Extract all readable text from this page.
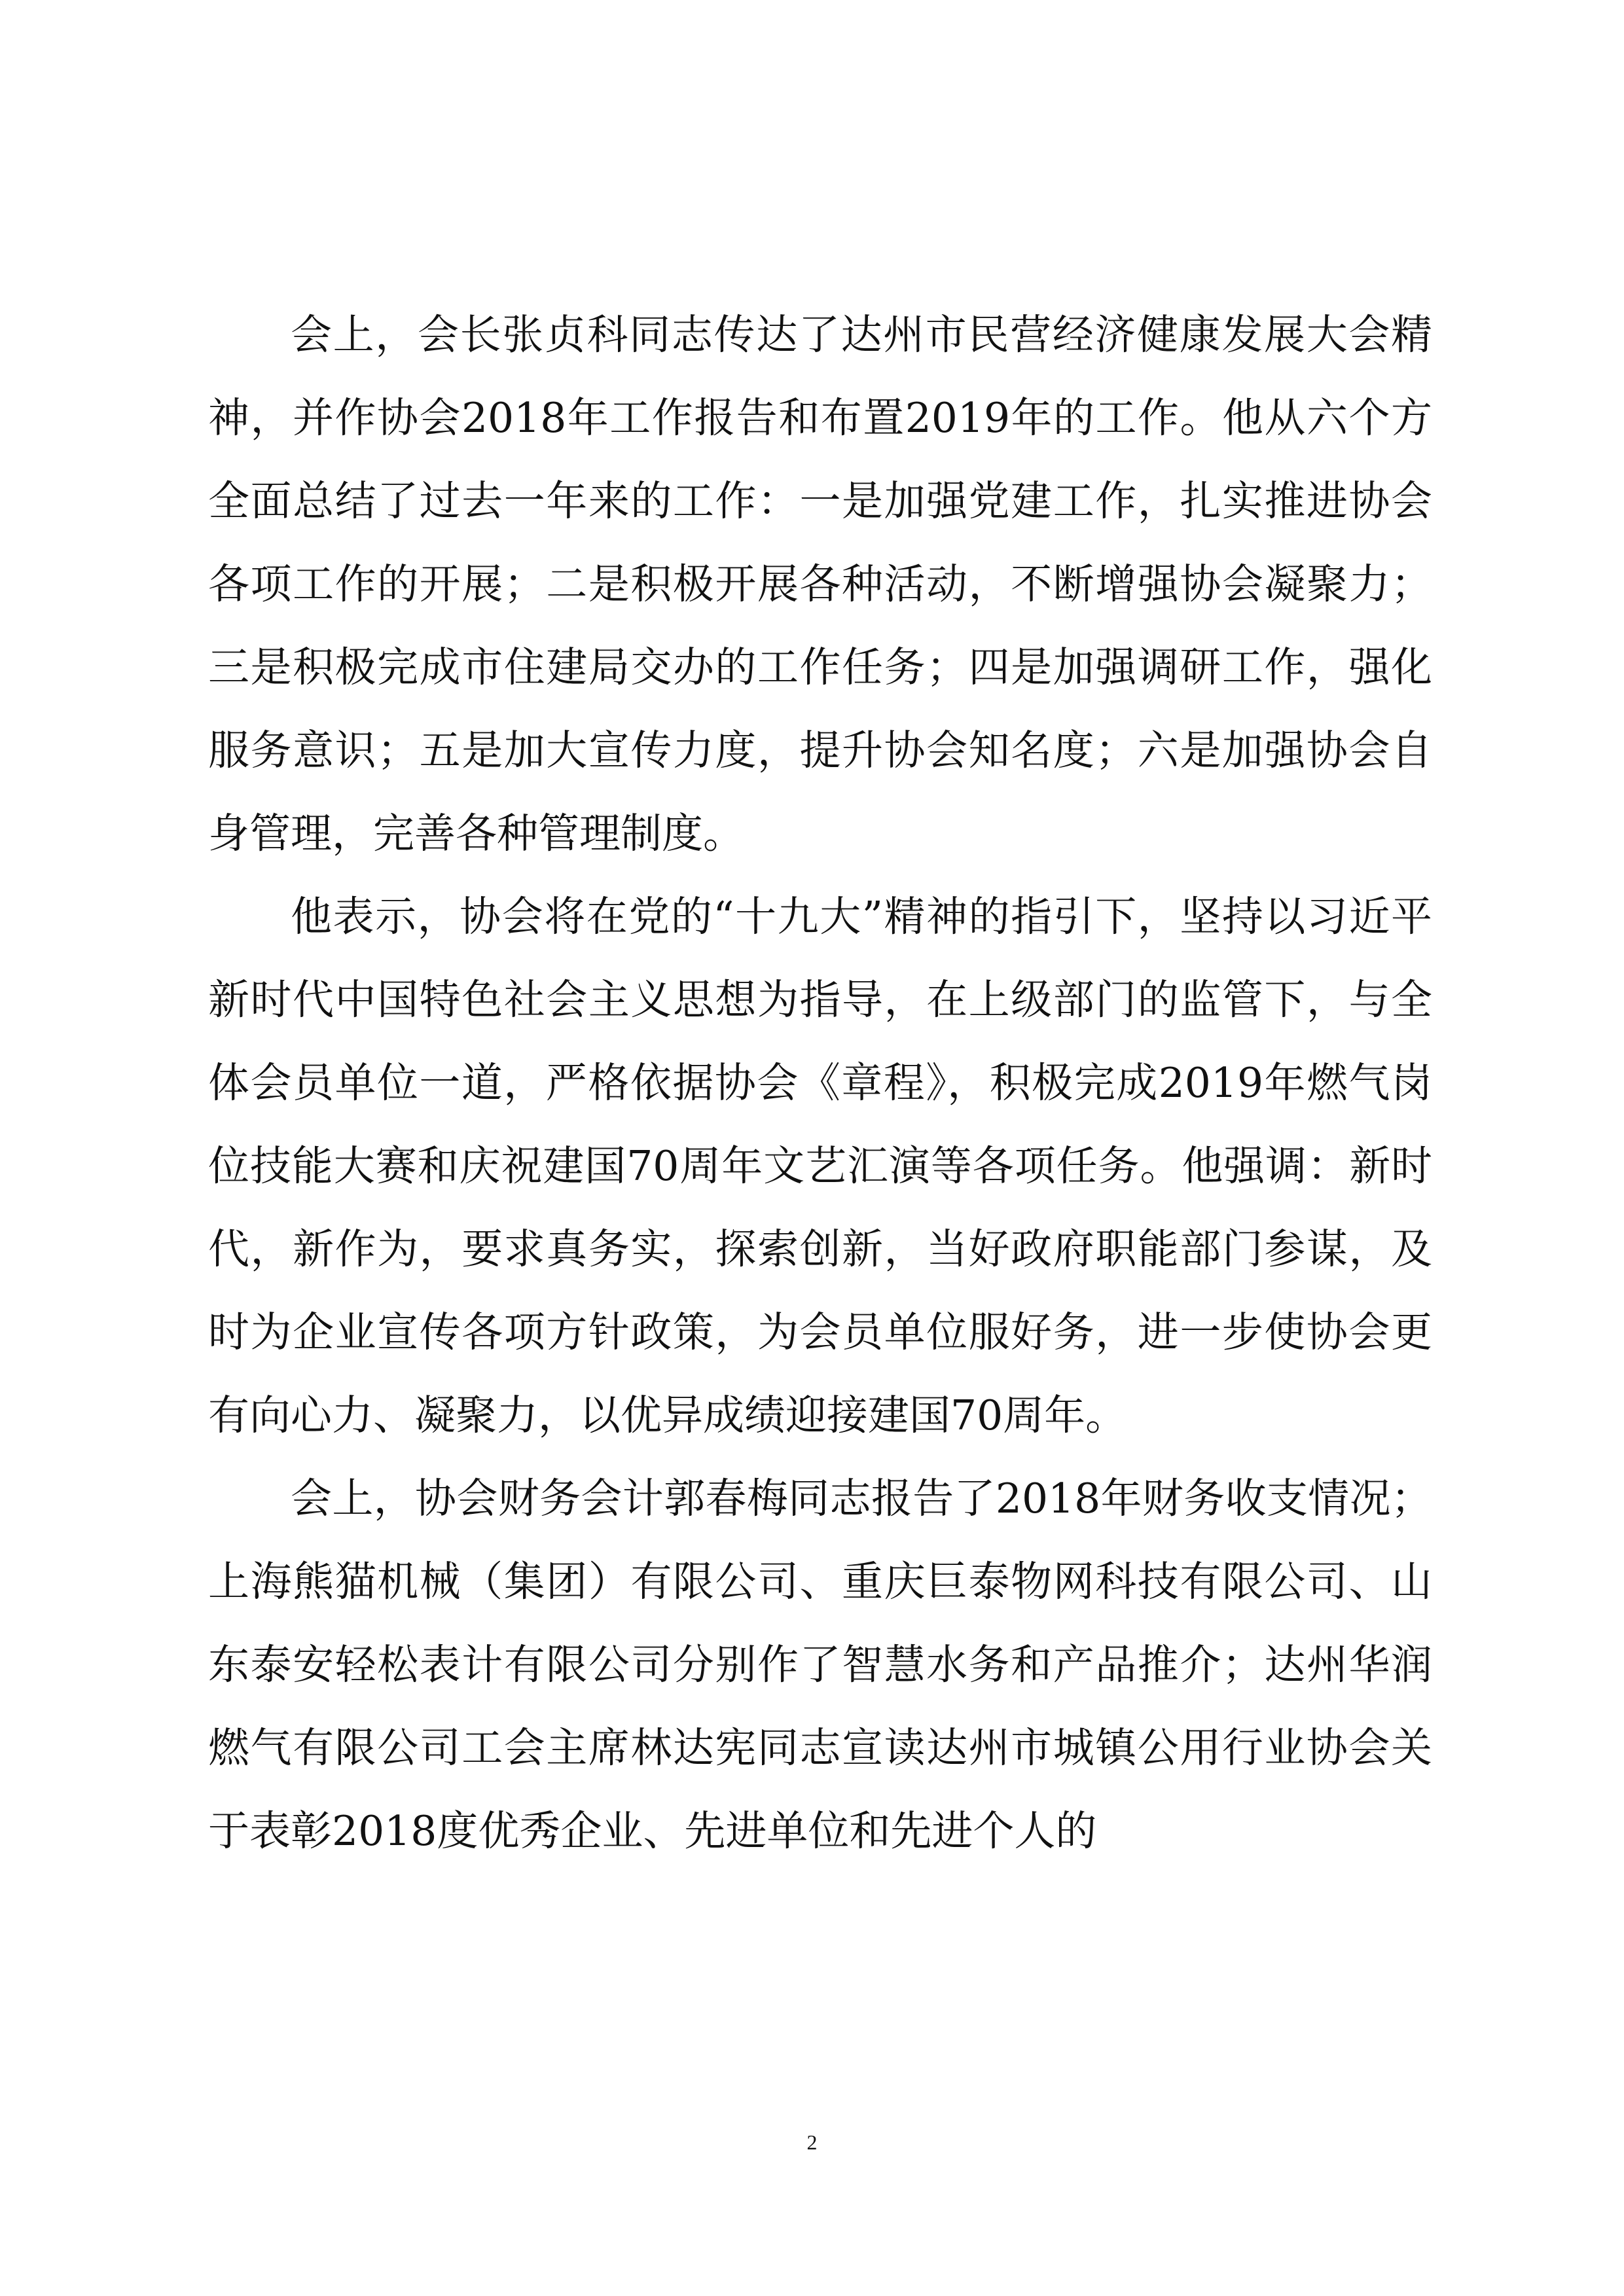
会上，会长张贞科同志传达了达州市民营经济健康发展大会精神，并作协会2018年工作报告和布置2019年的工作。他从六个方全面总结了过去一年来的工作：一是加强党建工作，扎实推进协会各项工作的开展；二是积极开展各种活动，不断增强协会凝聚力；三是积极完成市住建局交办的工作任务；四是加强调研工作，强化服务意识；五是加大宣传力度，提升协会知名度；六是加强协会自身管理，完善各种管理制度。

他表示，协会将在党的“十九大”精神的指引下，坚持以习近平新时代中国特色社会主义思想为指导，在上级部门的监管下，与全体会员单位一道，严格依据协会《章程》，积极完成2019年燃气岗位技能大赛和庆祝建国70周年文艺汇演等各项任务。他强调：新时代，新作为，要求真务实，探索创新，当好政府职能部门参谋，及时为企业宣传各项方针政策，为会员单位服好务，进一步使协会更有向心力、凝聚力，以优异成绩迎接建国70周年。

会上，协会财务会计郭春梅同志报告了2018年财务收支情况；上海熊猫机械（集团）有限公司、重庆巨泰物网科技有限公司、山东泰安轻松表计有限公司分别作了智慧水务和产品推介；达州华润燃气有限公司工会主席林达宪同志宣读达州市城镇公用行业协会关于表彰2018度优秀企业、先进单位和先进个人的

2
